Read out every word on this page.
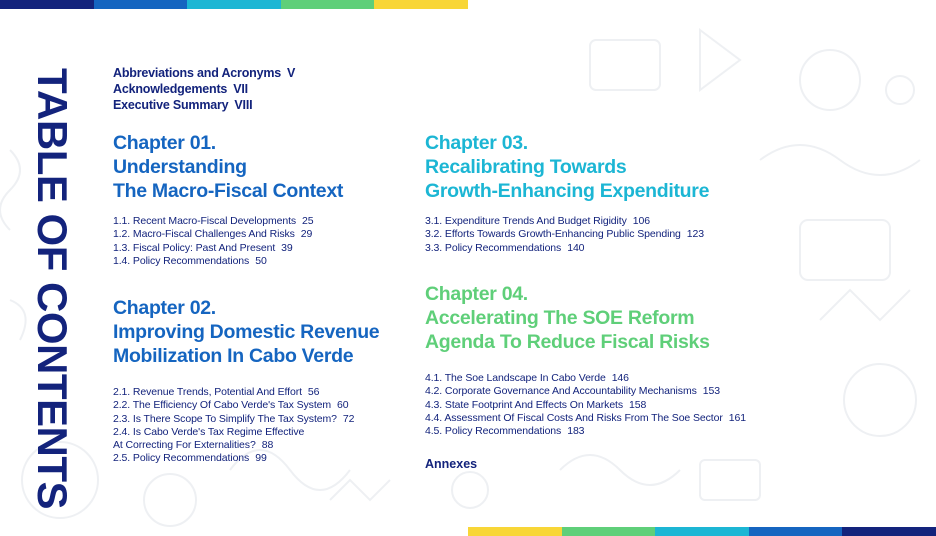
TABLE OF CONTENTS	Abbreviations and Acronyms V
Acknowledgements VII
Executive Summary VIII
Chapter 01.
Understanding
The Macro-Fiscal Context
1.1. Recent Macro-Fiscal Developments 25
1.2. Macro-Fiscal Challenges And Risks 29
1.3. Fiscal Policy: Past And Present 39
1.4. Policy Recommendations 50
Chapter 02.
Improving Domestic Revenue
Mobilization In Cabo Verde
2.1. Revenue Trends, Potential And Effort 56
2.2. The Efficiency Of Cabo Verde's Tax System 60
2.3. Is There Scope To Simplify The Tax System? 72
2.4. Is Cabo Verde's Tax Regime Effective
At Correcting For Externalities? 88
2.5. Policy Recommendations 99
Chapter 03.
Recalibrating Towards
Growth-Enhancing Expenditure
3.1. Expenditure Trends And Budget Rigidity 106
3.2. Efforts Towards Growth-Enhancing Public Spending 123
3.3. Policy Recommendations 140
Chapter 04.
Accelerating The SOE Reform
Agenda To Reduce Fiscal Risks
4.1. The Soe Landscape In Cabo Verde 146
4.2. Corporate Governance And Accountability Mechanisms 153
4.3. State Footprint And Effects On Markets 158
4.4. Assessment Of Fiscal Costs And Risks From The Soe Sector 161
4.5. Policy Recommendations 183
Annexes
